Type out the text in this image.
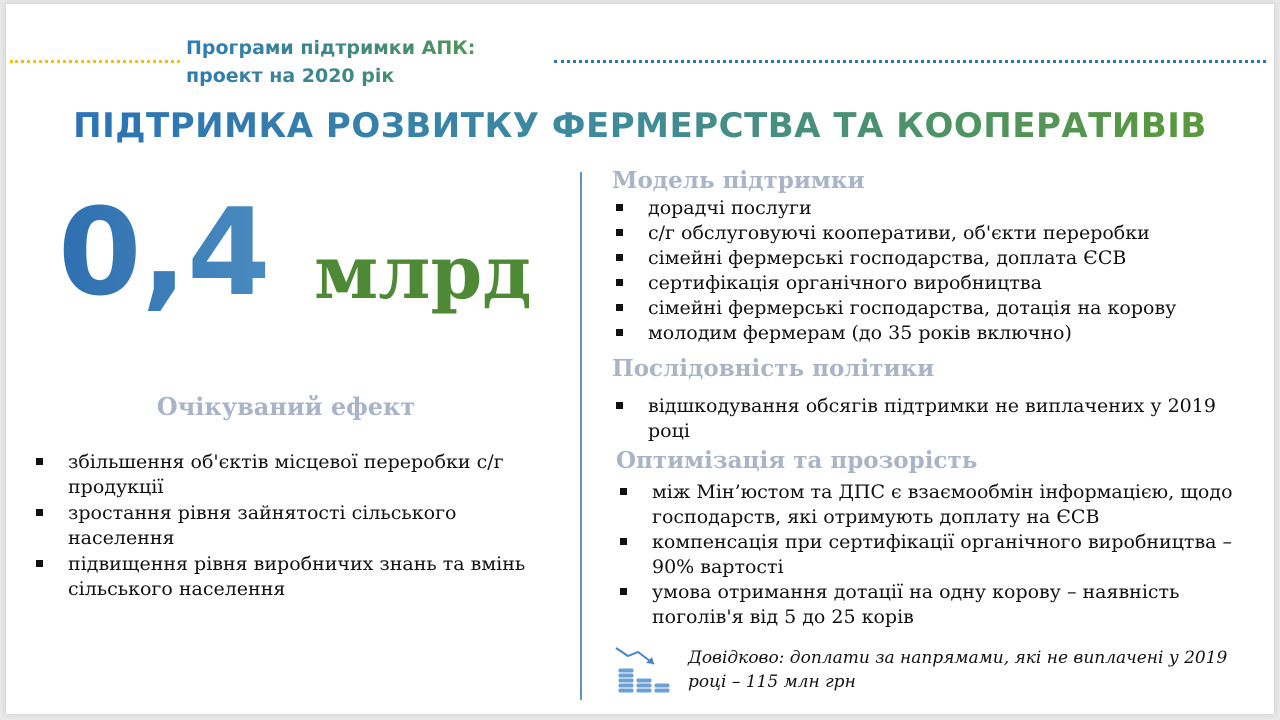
Програми підтримки АПК:
проект на 2020 рік
ПІДТРИМКА РОЗВИТКУ ФЕРМЕРСТВА ТА КООПЕРАТИВІВ
0,4 млрд
Очікуваний ефект
збільшення об'єктів місцевої переробки с/г продукції
зростання рівня зайнятості сільського населення
підвищення рівня виробничих знань та вмінь сільського населення
Модель підтримки
дорадчі послуги
с/г обслуговуючі кооперативи, об'єкти переробки
сімейні фермерські господарства, доплата ЄСВ
сертифікація органічного виробництва
сімейні фермерські господарства, дотація на корову
молодим фермерам (до 35 років включно)
Послідовність політики
відшкодування обсягів підтримки не виплачених у 2019 році
Оптимізація та прозорість
між Мін’юстом та ДПС є взаємообмін інформацією, щодо господарств, які отримують доплату на ЄСВ
компенсація при сертифікації органічного виробництва – 90% вартості
умова отримання дотації на одну корову – наявність поголів'я від 5 до 25 корів
Довідково: доплати за напрямами, які не виплачені у 2019 році – 115 млн грн
